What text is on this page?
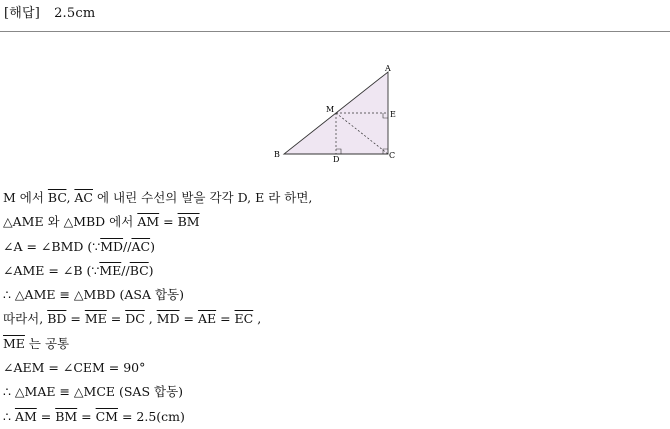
[해답] 2.5cm
A
M
E
B
D	C
M 에서 $\overline{BC}$, $\overline{AC}$ 에 내린 수선의 발을 각각 D, E 라 하면,
△AME 와 △MBD 에서 $\overline{AM} = \overline{BM}$
∠A = ∠BMD $(\because\overline{MD}//\overline{AC})$
∠AME = ∠B $(\because\overline{ME}//\overline{BC})$
∴ △AME ≡ △MBD (ASA 합동)
따라서, $\overline{BD} = \overline{ME} = \overline{DC}$ , $\overline{MD} = \overline{AE} = \overline{EC}$ ,
$\overline{ME}$ 는 공통
∠AEM = ∠CEM = 90°
∴ △MAE ≡ △MCE (SAS 합동)
∴ $\overline{AM} = \overline{BM} = \overline{CM} = 2.5(cm)$
